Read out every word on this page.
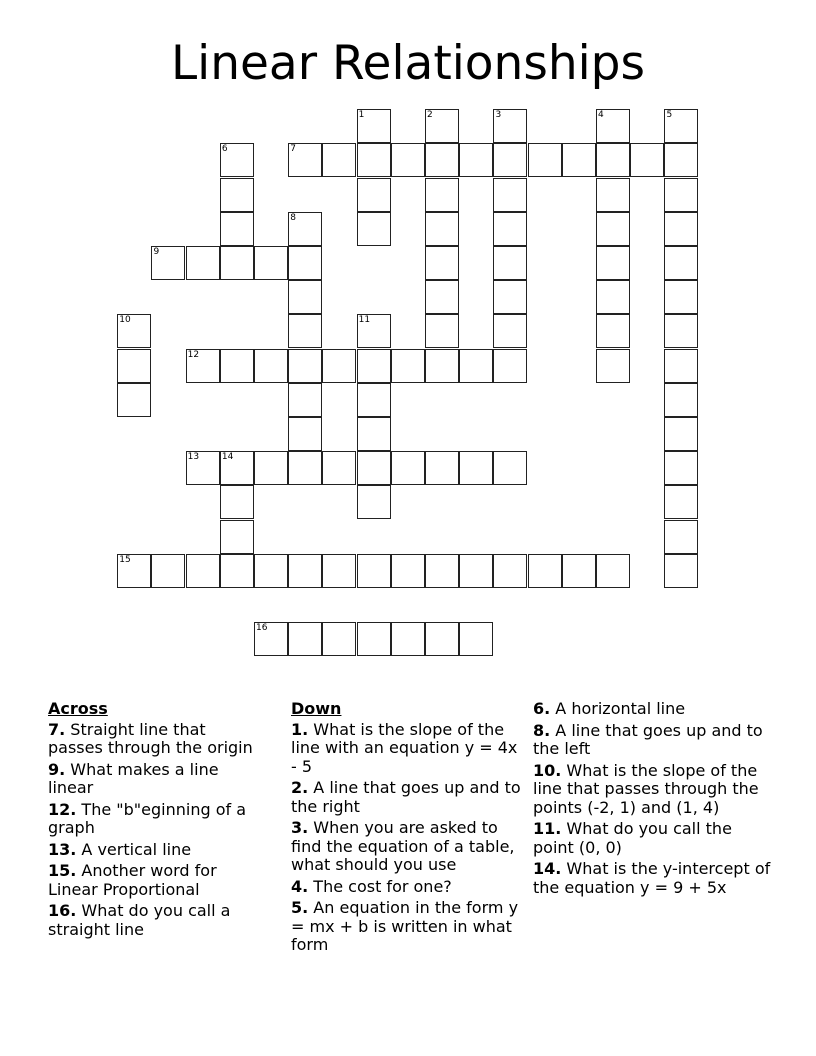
Linear Relationships
1	2	3	4	5
6	7
8
9
10	11
12
13	14
15
16
Across
7. Straight line that passes through the origin
9. What makes a line linear
12. The "b"eginning of a graph
13. A vertical line
15. Another word for Linear Proportional
16. What do you call a straight line
Down
1. What is the slope of the line with an equation y = 4x - 5
2. A line that goes up and to the right
3. When you are asked to find the equation of a table, what should you use
4. The cost for one?
5. An equation in the form y = mx + b is written in what form
6. A horizontal line
8. A line that goes up and to the left
10. What is the slope of the line that passes through the points (-2, 1) and (1, 4)
11. What do you call the point (0, 0)
14. What is the y-intercept of the equation y = 9 + 5x
